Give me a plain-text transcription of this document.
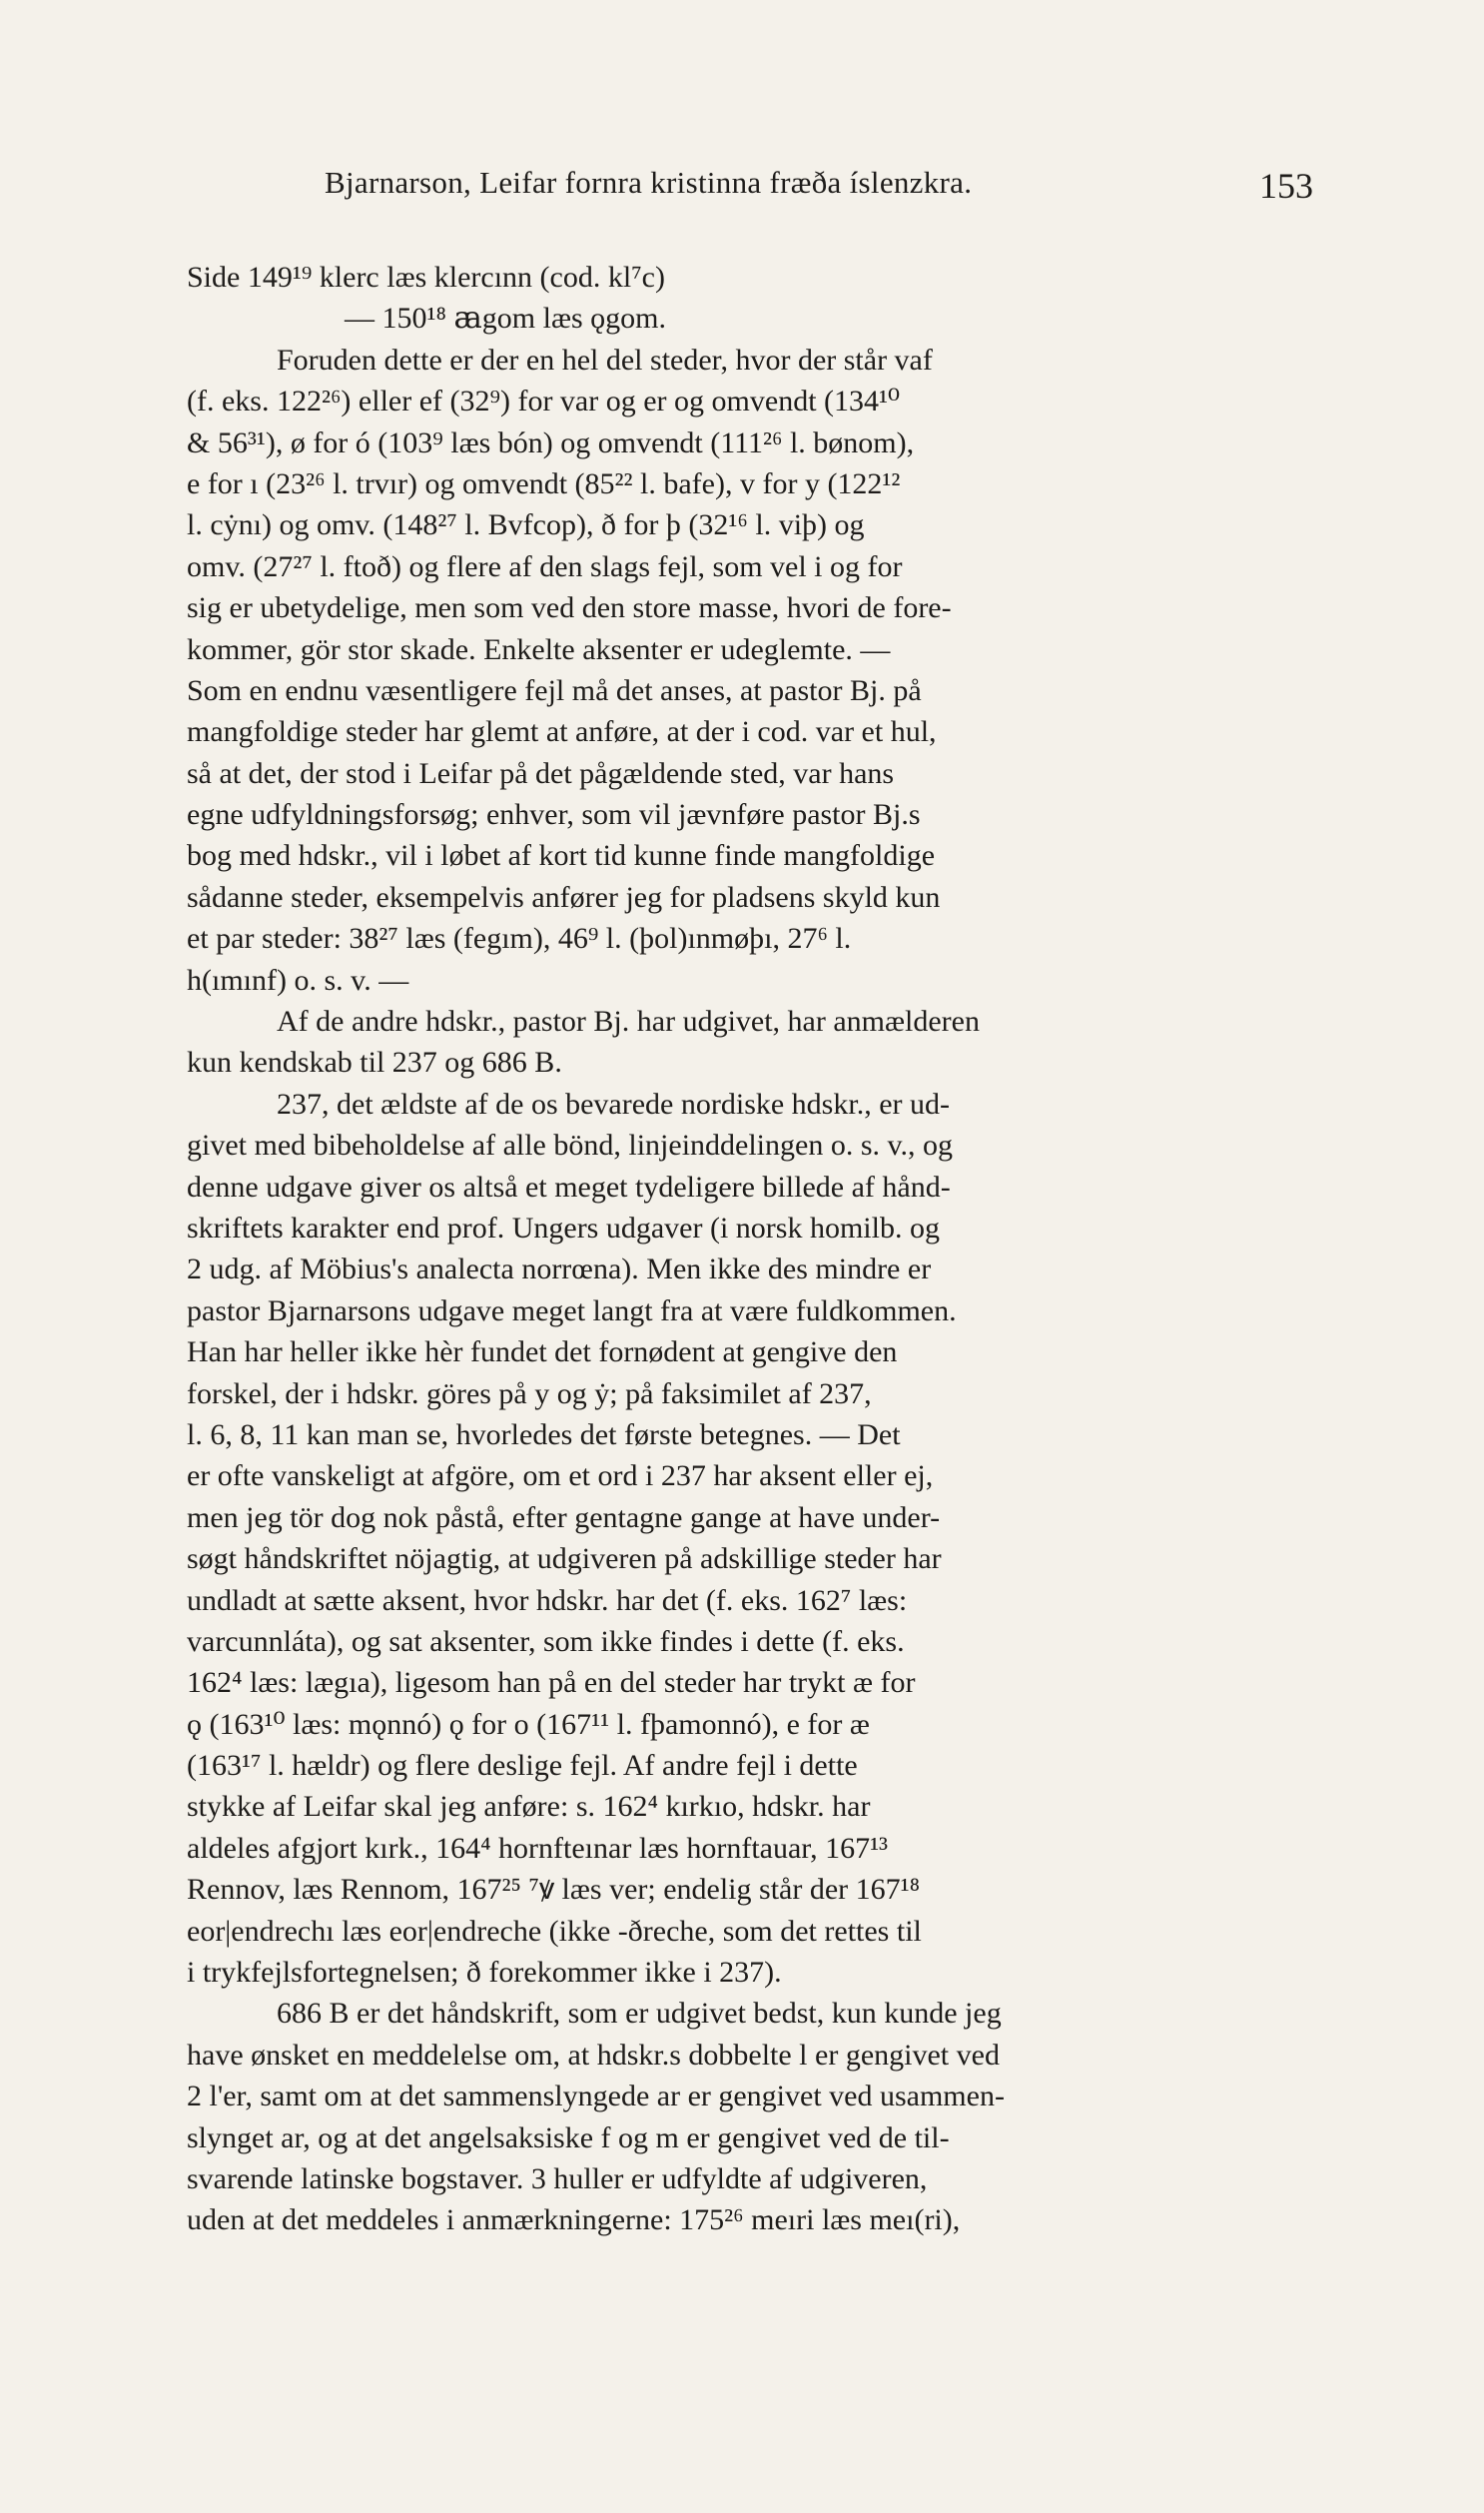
Bjarnarson, Leifar fornra kristinna fræða íslenzkra.	153
Side 149¹⁹ klerc læs klercınn (cod. kl⁷c)
— 150¹⁸ ꜳgom læs ǫgom.
Foruden dette er der en hel del steder, hvor der står vaf
(f. eks. 122²⁶) eller ef (32⁹) for var og er og omvendt (134¹⁰
& 56³¹), ø for ó (103⁹ læs bón) og omvendt (111²⁶ l. bønom),
e for ı (23²⁶ l. trvır) og omvendt (85²² l. bafe), v for y (122¹²
l. cẏnı) og omv. (148²⁷ l. Bvfcop), ð for þ (32¹⁶ l. viþ) og
omv. (27²⁷ l. ftoð) og flere af den slags fejl, som vel i og for
sig er ubetydelige, men som ved den store masse, hvori de fore-
kommer, gör stor skade. Enkelte aksenter er udeglemte. —
Som en endnu væsentligere fejl må det anses, at pastor Bj. på
mangfoldige steder har glemt at anføre, at der i cod. var et hul,
så at det, der stod i Leifar på det pågældende sted, var hans
egne udfyldningsforsøg; enhver, som vil jævnføre pastor Bj.s
bog med hdskr., vil i løbet af kort tid kunne finde mangfoldige
sådanne steder, eksempelvis anfører jeg for pladsens skyld kun
et par steder: 38²⁷ læs (fegım), 46⁹ l. (þol)ınmøþı, 27⁶ l.
h(ımınf) o. s. v. —
Af de andre hdskr., pastor Bj. har udgivet, har anmælderen
kun kendskab til 237 og 686 B.
237, det ældste af de os bevarede nordiske hdskr., er ud-
givet med bibeholdelse af alle bönd, linjeinddelingen o. s. v., og
denne udgave giver os altså et meget tydeligere billede af hånd-
skriftets karakter end prof. Ungers udgaver (i norsk homilb. og
2 udg. af Möbius's analecta norrœna). Men ikke des mindre er
pastor Bjarnarsons udgave meget langt fra at være fuldkommen.
Han har heller ikke hèr fundet det fornødent at gengive den
forskel, der i hdskr. göres på y og ẏ; på faksimilet af 237,
l. 6, 8, 11 kan man se, hvorledes det første betegnes. — Det
er ofte vanskeligt at afgöre, om et ord i 237 har aksent eller ej,
men jeg tör dog nok påstå, efter gentagne gange at have under-
søgt håndskriftet nöjagtig, at udgiveren på adskillige steder har
undladt at sætte aksent, hvor hdskr. har det (f. eks. 162⁷ læs:
varcunnláta), og sat aksenter, som ikke findes i dette (f. eks.
162⁴ læs: lægıa), ligesom han på en del steder har trykt æ for
ǫ (163¹⁰ læs: mǫnnó) ǫ for o (167¹¹ l. fþamonnó), e for æ
(163¹⁷ l. hældr) og flere deslige fejl. Af andre fejl i dette
stykke af Leifar skal jeg anføre: s. 162⁴ kırkıo, hdskr. har
aldeles afgjort kırk., 164⁴ hornfteınar læs hornftauar, 167¹³
Rennov, læs Rennom, 167²⁵ ⁷ꝟ læs ver; endelig står der 167¹⁸
eor|endrechı læs eor|endreche (ikke -ðreche, som det rettes til
i trykfejlsfortegnelsen; ð forekommer ikke i 237).
686 B er det håndskrift, som er udgivet bedst, kun kunde jeg
have ønsket en meddelelse om, at hdskr.s dobbelte l er gengivet ved
2 l'er, samt om at det sammenslyngede ar er gengivet ved usammen-
slynget ar, og at det angelsaksiske f og m er gengivet ved de til-
svarende latinske bogstaver. 3 huller er udfyldte af udgiveren,
uden at det meddeles i anmærkningerne: 175²⁶ meıri læs meı(ri),
